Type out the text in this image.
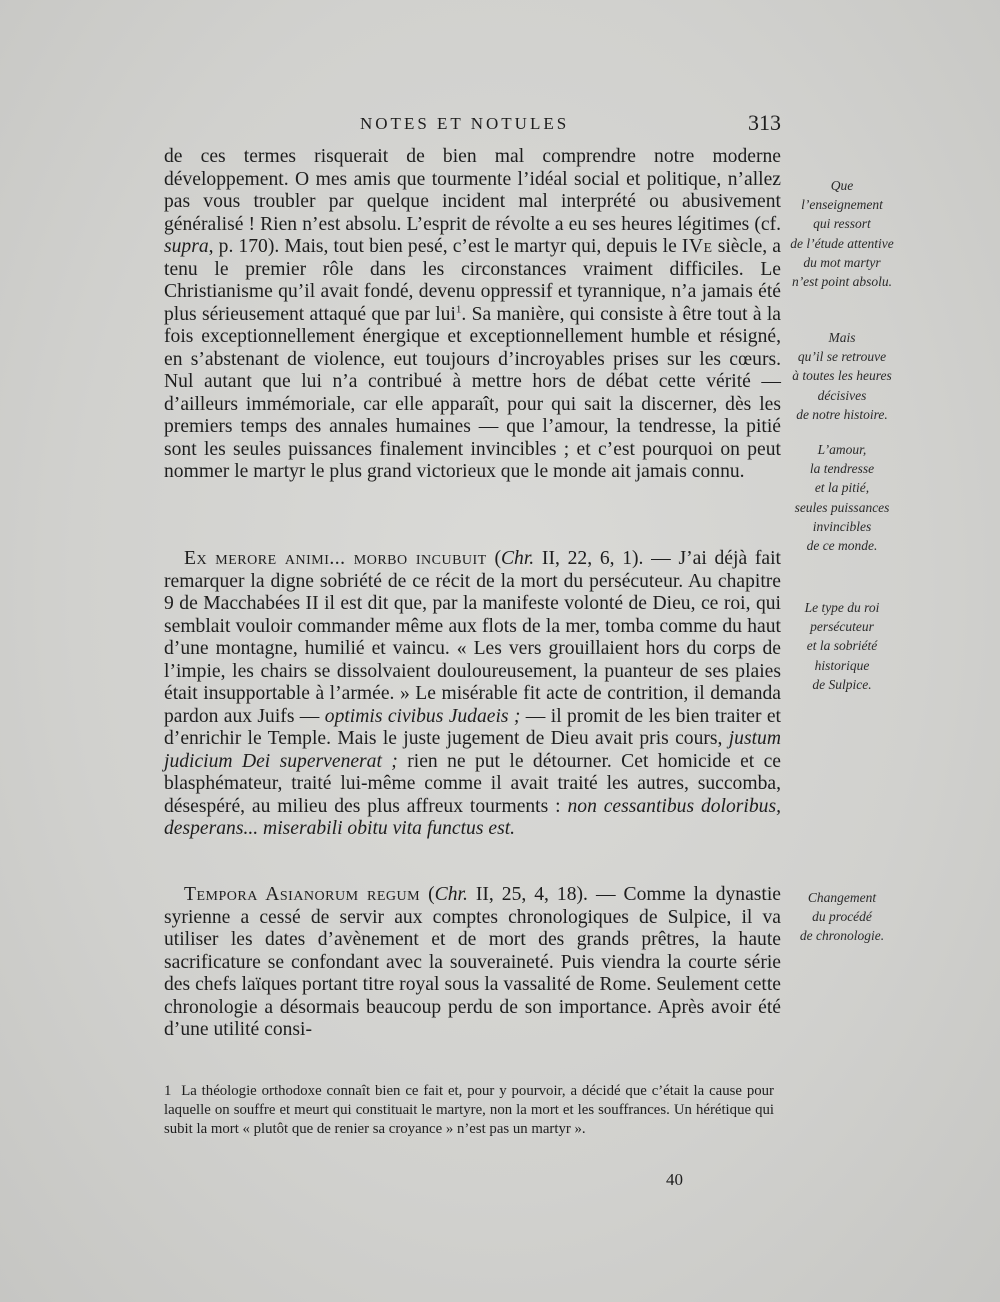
NOTES ET NOTULES	313

de ces termes risquerait de bien mal comprendre notre moderne développement. O mes amis que tourmente l’idéal social et politique, n’allez pas vous troubler par quelque incident mal interprété ou abusivement généralisé ! Rien n’est absolu. L’esprit de révolte a eu ses heures légitimes (cf. supra, p. 170). Mais, tout bien pesé, c’est le martyr qui, depuis le IVe siècle, a tenu le premier rôle dans les circonstances vraiment difficiles. Le Christianisme qu’il avait fondé, devenu oppressif et tyrannique, n’a jamais été plus sérieusement attaqué que par lui$^1$. Sa manière, qui consiste à être tout à la fois exceptionnellement énergique et exceptionnellement humble et résigné, en s’abstenant de violence, eut toujours d’incroyables prises sur les cœurs. Nul autant que lui n’a contribué à mettre hors de débat cette vérité — d’ailleurs immémoriale, car elle apparaît, pour qui sait la discerner, dès les premiers temps des annales humaines — que l’amour, la tendresse, la pitié sont les seules puissances finalement invincibles ; et c’est pourquoi on peut nommer le martyr le plus grand victorieux que le monde ait jamais connu.

Ex merore animi... morbo incubuit (Chr. II, 22, 6, 1). — J’ai déjà fait remarquer la digne sobriété de ce récit de la mort du persécuteur. Au chapitre 9 de Macchabées II il est dit que, par la manifeste volonté de Dieu, ce roi, qui semblait vouloir commander même aux flots de la mer, tomba comme du haut d’une montagne, humilié et vaincu. « Les vers grouillaient hors du corps de l’impie, les chairs se dissolvaient douloureusement, la puanteur de ses plaies était insupportable à l’armée. » Le misérable fit acte de contrition, il demanda pardon aux Juifs — optimis civibus Judaeis ; — il promit de les bien traiter et d’enrichir le Temple. Mais le juste jugement de Dieu avait pris cours, justum judicium Dei supervenerat ; rien ne put le détourner. Cet homicide et ce blasphémateur, traité lui-même comme il avait traité les autres, succomba, désespéré, au milieu des plus affreux tourments : non cessantibus doloribus, desperans... miserabili obitu vita functus est.

Tempora Asianorum regum (Chr. II, 25, 4, 18). — Comme la dynastie syrienne a cessé de servir aux comptes chronologiques de Sulpice, il va utiliser les dates d’avènement et de mort des grands prêtres, la haute sacrificature se confondant avec la souveraineté. Puis viendra la courte série des chefs laïques portant titre royal sous la vassalité de Rome. Seulement cette chronologie a désormais beaucoup perdu de son importance. Après avoir été d’une utilité consi-

Que
l’enseignement
qui ressort
de l’étude attentive
du mot martyr
n’est point absolu.
Mais
qu’il se retrouve
à toutes les heures
décisives
de notre histoire.
L’amour,
la tendresse
et la pitié,
seules puissances
invincibles
de ce monde.
Le type du roi
persécuteur
et la sobriété
historique
de Sulpice.
Changement
du procédé
de chronologie.
1 La théologie orthodoxe connaît bien ce fait et, pour y pourvoir, a décidé que c’était la cause pour laquelle on souffre et meurt qui constituait le martyre, non la mort et les souffrances. Un hérétique qui subit la mort « plutôt que de renier sa croyance » n’est pas un martyr ».
40
